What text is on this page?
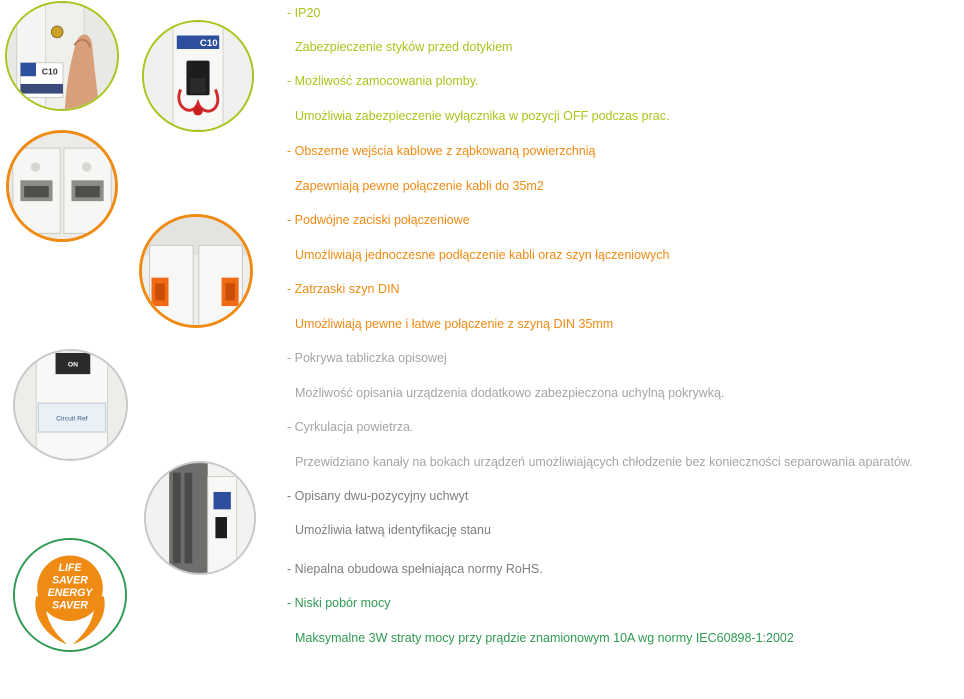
C10
C10
ON
Circuit Ref
LIFE
SAVER
ENERGY
SAVER
- IP20
Zabezpieczenie styków przed dotykiem
- Możliwość zamocowania plomby.
Umożliwia zabezpieczenie wyłącznika w pozycji OFF podczas prac.
- Obszerne wejścia kablowe z ząbkowaną powierzchnią
Zapewniają pewne połączenie kabli do 35m2
- Podwójne zaciski połączeniowe
Umożliwiają jednoczesne podłączenie kabli oraz szyn łączeniowych
- Zatrzaski szyn DIN
Umożliwiają pewne i łatwe połączenie z szyną DIN 35mm
- Pokrywa tabliczka opisowej
Możliwość opisania urządzenia dodatkowo zabezpieczona uchylną pokrywką.
- Cyrkulacja powietrza.
Przewidziano kanały na bokach urządzeń umożliwiających chłodzenie bez konieczności separowania aparatów.
- Opisany dwu-pozycyjny uchwyt
Umożliwia łatwą identyfikację stanu
- Niepalna obudowa spełniająca normy RoHS.
- Niski pobór mocy
Maksymalne 3W straty mocy przy prądzie znamionowym 10A wg normy IEC60898-1:2002
